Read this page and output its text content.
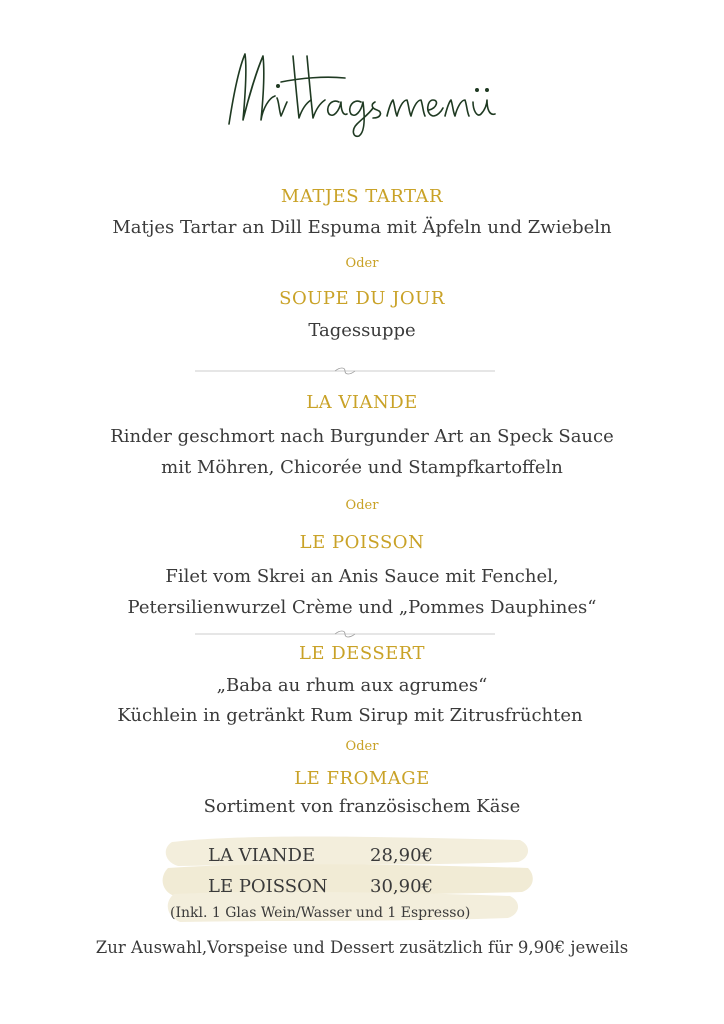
MATJES TARTAR
Matjes Tartar an Dill Espuma mit Äpfeln und Zwiebeln
Oder
SOUPE DU JOUR
Tagessuppe
LA VIANDE
Rinder geschmort nach Burgunder Art an Speck Sauce
mit Möhren, Chicorée und Stampfkartoffeln
Oder
LE POISSON
Filet vom Skrei an Anis Sauce mit Fenchel,
Petersilienwurzel Crème und „Pommes Dauphines“
LE DESSERT
„Baba au rhum aux agrumes“
Küchlein in getränkt Rum Sirup mit Zitrusfrüchten
Oder
LE FROMAGE
Sortiment von französischem Käse
LA VIANDE	28,90€
LE POISSON 30,90€
(Inkl. 1 Glas Wein/Wasser und 1 Espresso)
Zur Auswahl,Vorspeise und Dessert zusätzlich für 9,90€ jeweils
